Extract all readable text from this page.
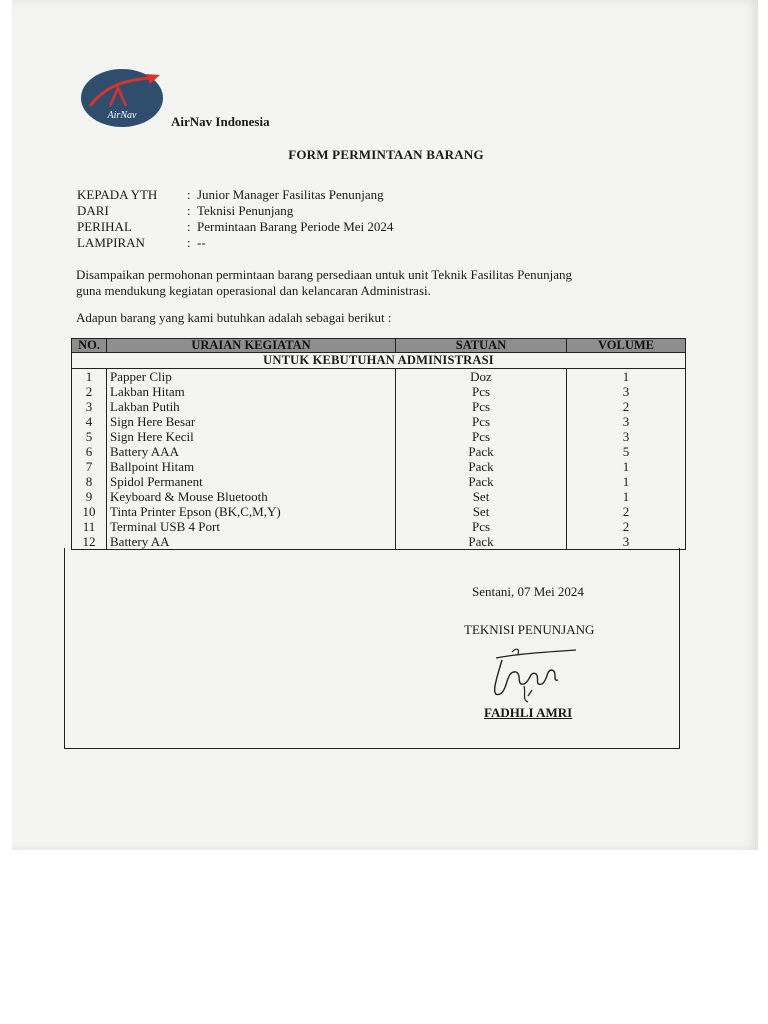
AirNav	AirNav Indonesia
FORM PERMINTAAN BARANG
KEPADA YTH	: Junior Manager Fasilitas Penunjang
DARI	: Teknisi Penunjang
PERIHAL	: Permintaan Barang Periode Mei 2024
LAMPIRAN	: --
Disampaikan permohonan permintaan barang persediaan untuk unit Teknik Fasilitas Penunjang
guna mendukung kegiatan operasional dan kelancaran Administrasi.
Adapun barang yang kami butuhkan adalah sebagai berikut :
NO.	URAIAN KEGIATAN	SATUAN	VOLUME
UNTUK KEBUTUHAN ADMINISTRASI			
1	Papper Clip	Doz	1
2	Lakban Hitam	Pcs	3
3	Lakban Putih	Pcs	2
4	Sign Here Besar	Pcs	3
5	Sign Here Kecil	Pcs	3
6	Battery AAA	Pack	5
7	Ballpoint Hitam	Pack	1
8	Spidol Permanent	Pack	1
9	Keyboard & Mouse Bluetooth	Set	1
10	Tinta Printer Epson (BK,C,M,Y)	Set	2
11	Terminal USB 4 Port	Pcs	2
12	Battery AA	Pack	3
Sentani, 07 Mei 2024
TEKNISI PENUNJANG
FADHLI AMRI
